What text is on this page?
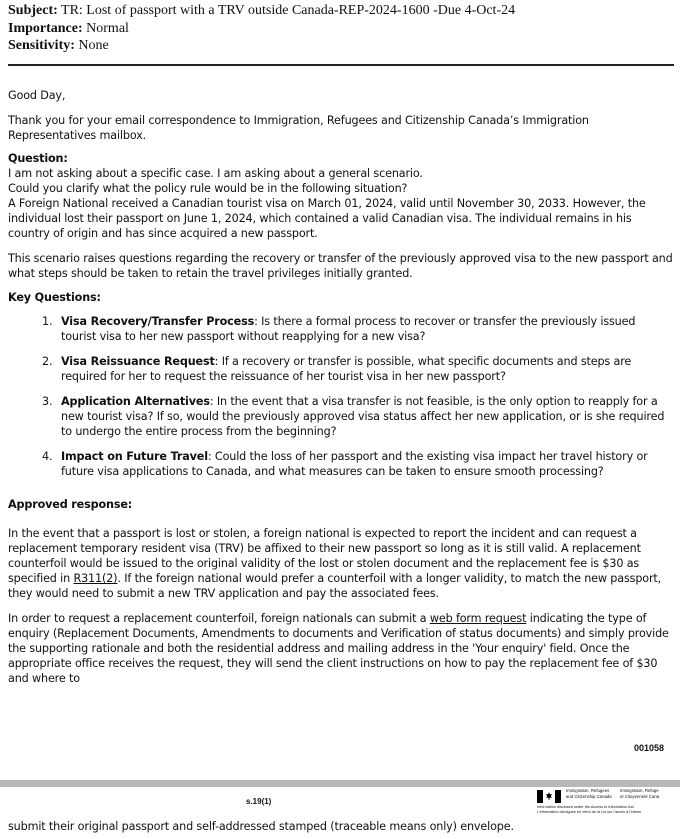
Subject: TR: Lost of passport with a TRV outside Canada-REP-2024-1600 -Due 4-Oct-24
Importance: Normal
Sensitivity: None

Good Day,

Thank you for your email correspondence to Immigration, Refugees and Citizenship Canada’s Immigration Representatives mailbox.

Question:
I am not asking about a specific case. I am asking about a general scenario.
Could you clarify what the policy rule would be in the following situation?
A Foreign National received a Canadian tourist visa on March 01, 2024, valid until November 30, 2033. However, the individual lost their passport on June 1, 2024, which contained a valid Canadian visa. The individual remains in his country of origin and has since acquired a new passport.

This scenario raises questions regarding the recovery or transfer of the previously approved visa to the new passport and what steps should be taken to retain the travel privileges initially granted.

Key Questions:
1. Visa Recovery/Transfer Process: Is there a formal process to recover or transfer the previously issued tourist visa to her new passport without reapplying for a new visa?
2. Visa Reissuance Request: If a recovery or transfer is possible, what specific documents and steps are required for her to request the reissuance of her tourist visa in her new passport?
3. Application Alternatives: In the event that a visa transfer is not feasible, is the only option to reapply for a new tourist visa? If so, would the previously approved visa status affect her new application, or is she required to undergo the entire process from the beginning?
4. Impact on Future Travel: Could the loss of her passport and the existing visa impact her travel history or future visa applications to Canada, and what measures can be taken to ensure smooth processing?
Approved response:

In the event that a passport is lost or stolen, a foreign national is expected to report the incident and can request a replacement temporary resident visa (TRV) be affixed to their new passport so long as it is still valid. A replacement counterfoil would be issued to the original validity of the lost or stolen document and the replacement fee is $30 as specified in R311(2). If the foreign national would prefer a counterfoil with a longer validity, to match the new passport, they would need to submit a new TRV application and pay the associated fees.

In order to request a replacement counterfoil, foreign nationals can submit a web form request indicating the type of enquiry (Replacement Documents, Amendments to documents and Verification of status documents) and simply provide the supporting rationale and both the residential address and mailing address in the 'Your enquiry' field. Once the appropriate office receives the request, they will send the client instructions on how to pay the replacement fee of $30 and where to

001058
s.19(1)
Immigration, Refugees	Immigration, Refuge
and Citizenship Canada et Citoyenneté Cana
Information disclosed under the Access to Information Act
L'information divulguée en vertu de la Loi sur l'accès à l'inform
submit their original passport and self-addressed stamped (traceable means only) envelope.
